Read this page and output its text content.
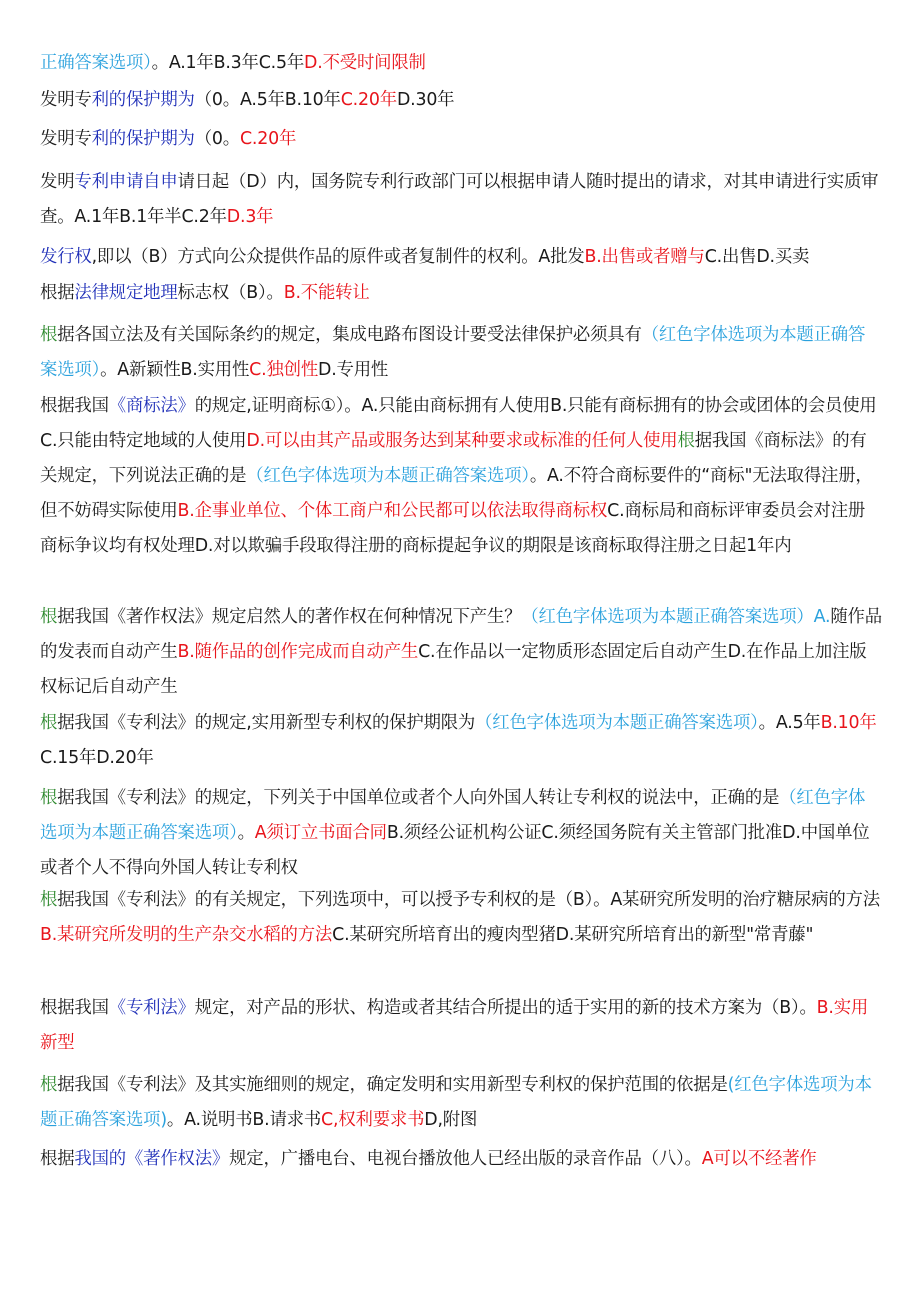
正确答案选项）。A.1年B.3年C.5年D.不受时间限制

发明专利的保护期为（0。A.5年B.10年C.20年D.30年

发明专利的保护期为（0。C.20年

发明专利申请自申请日起（D）内，国务院专利行政部门可以根据申请人随时提出的请求，对其申请进行实质审查。A.1年B.1年半C.2年D.3年

发行权,即以（B）方式向公众提供作品的原件或者复制件的权利。A批发B.出售或者赠与C.出售D.买卖

根据法律规定地理标志权（B）。B.不能转让

根据各国立法及有关国际条约的规定，集成电路布图设计要受法律保护必须具有（红色字体选项为本题正确答案选项）。A新颖性B.实用性C.独创性D.专用性

根据我国《商标法》的规定,证明商标①）。A.只能由商标拥有人使用B.只能有商标拥有的协会或团体的会员使用C.只能由特定地域的人使用D.可以由其产品或服务达到某种要求或标准的任何人使用根据我国《商标法》的有关规定，下列说法正确的是（红色字体选项为本题正确答案选项）。A.不符合商标要件的“商标"无法取得注册，但不妨碍实际使用B.企事业单位、个体工商户和公民都可以依法取得商标权C.商标局和商标评审委员会对注册商标争议均有权处理D.对以欺骗手段取得注册的商标提起争议的期限是该商标取得注册之日起1年内

根据我国《著作权法》规定启然人的著作权在何种情况下产生？（红色字体选项为本题正确答案选项）A.随作品的发表而自动产生B.随作品的创作完成而自动产生C.在作品以一定物质形态固定后自动产生D.在作品上加注版权标记后自动产生

根据我国《专利法》的规定,实用新型专利权的保护期限为（红色字体选项为本题正确答案选项）。A.5年B.10年C.15年D.20年

根据我国《专利法》的规定，下列关于中国单位或者个人向外国人转让专利权的说法中，正确的是（红色字体选项为本题正确答案选项）。A须订立书面合同B.须经公证机构公证C.须经国务院有关主管部门批准D.中国单位或者个人不得向外国人转让专利权

根据我国《专利法》的有关规定，下列选项中，可以授予专利权的是（B）。A某研究所发明的治疗糖尿病的方法B.某研究所发明的生产杂交水稻的方法C.某研究所培育出的瘦肉型猪D.某研究所培育出的新型"常青藤"

根据我国《专利法》规定，对产品的形状、构造或者其结合所提出的适于实用的新的技术方案为（B）。B.实用新型

根据我国《专利法》及其实施细则的规定，确定发明和实用新型专利权的保护范围的依据是(红色字体选项为本题正确答案选项)。A.说明书B.请求书C,权利要求书D,附图

根据我国的《著作权法》规定，广播电台、电视台播放他人已经出版的录音作品（八）。A可以不经著作
